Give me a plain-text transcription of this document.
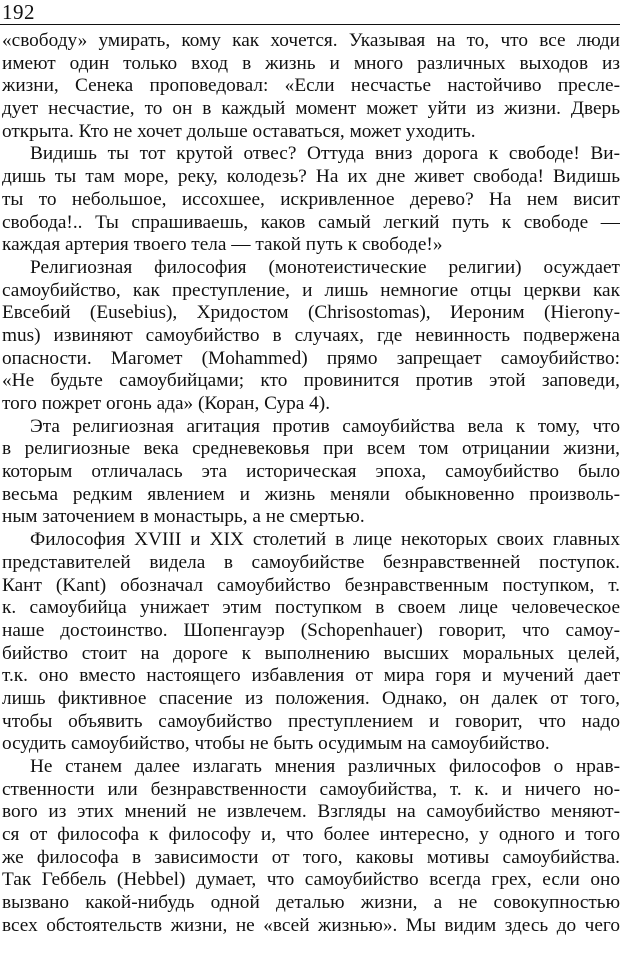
192
«свободу» умирать, кому как хочется. Указывая на то, что все люди
имеют один только вход в жизнь и много различных выходов из
жизни, Сенека проповедовал: «Если несчастье настойчиво пресле-
дует несчастие, то он в каждый момент может уйти из жизни. Дверь
открыта. Кто не хочет дольше оставаться, может уходить.
Видишь ты тот крутой отвес? Оттуда вниз дорога к свободе! Ви-
дишь ты там море, реку, колодезь? На их дне живет свобода! Видишь
ты то небольшое, иссохшее, искривленное дерево? На нем висит
свобода!.. Ты спрашиваешь, каков самый легкий путь к свободе —
каждая артерия твоего тела — такой путь к свободе!»
Религиозная философия (монотеистические религии) осуждает
самоубийство, как преступление, и лишь немногие отцы церкви как
Евсебий (Eusebius), Хридостом (Chrisostomas), Иероним (Hierony-
mus) извиняют самоубийство в случаях, где невинность подвержена
опасности. Магомет (Mohammed) прямо запрещает самоубийство:
«Не будьте самоубийцами; кто провинится против этой заповеди,
того пожрет огонь ада» (Коран, Сура 4).
Эта религиозная агитация против самоубийства вела к тому, что
в религиозные века средневековья при всем том отрицании жизни,
которым отличалась эта историческая эпоха, самоубийство было
весьма редким явлением и жизнь меняли обыкновенно произволь-
ным заточением в монастырь, а не смертью.
Философия XVIII и XIX столетий в лице некоторых своих главных
представителей видела в самоубийстве безнравственней поступок.
Кант (Kant) обозначал самоубийство безнравственным поступком, т.
к. самоубийца унижает этим поступком в своем лице человеческое
наше достоинство. Шопенгауэр (Schopenhauer) говорит, что самоу-
бийство стоит на дороге к выполнению высших моральных целей,
т.к. оно вместо настоящего избавления от мира горя и мучений дает
лишь фиктивное спасение из положения. Однако, он далек от того,
чтобы объявить самоубийство преступлением и говорит, что надо
осудить самоубийство, чтобы не быть осудимым на самоубийство.
Не станем далее излагать мнения различных философов о нрав-
ственности или безнравственности самоубийства, т. к. и ничего но-
вого из этих мнений не извлечем. Взгляды на самоубийство меняют-
ся от философа к философу и, что более интересно, у одного и того
же философа в зависимости от того, каковы мотивы самоубийства.
Так Геббель (Hebbel) думает, что самоубийство всегда грех, если оно
вызвано какой-нибудь одной деталью жизни, а не совокупностью
всех обстоятельств жизни, не «всей жизнью». Мы видим здесь до чего
